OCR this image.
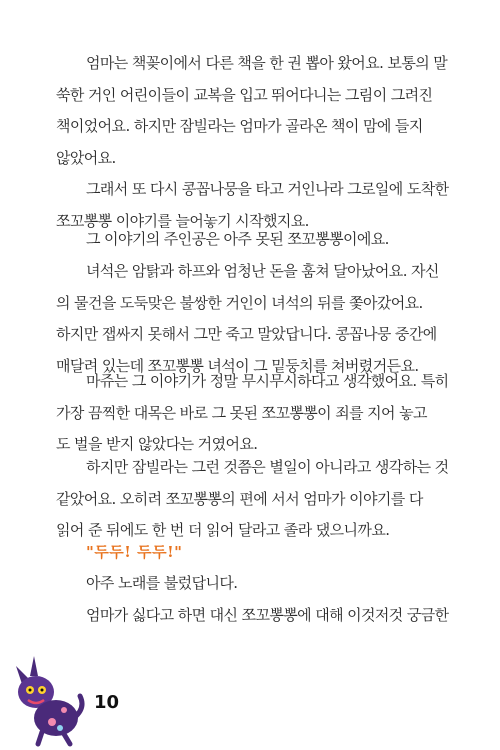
엄마는 책꽂이에서 다른 책을 한 권 뽑아 왔어요. 보통의 말
쑥한 거인 어린이들이 교복을 입고 뛰어다니는 그림이 그려진
책이었어요. 하지만 잠빌라는 엄마가 골라온 책이 맘에 들지
않았어요.

그래서 또 다시 콩꼽나뭉을 타고 거인나라 그로일에 도착한
쪼꼬뽕뽕 이야기를 늘어놓기 시작했지요.

그 이야기의 주인공은 아주 못된 쪼꼬뽕뽕이에요.

녀석은 암탉과 하프와 엄청난 돈을 훔쳐 달아났어요. 자신
의 물건을 도둑맞은 불쌍한 거인이 녀석의 뒤를 쫓아갔어요.
하지만 잽싸지 못해서 그만 죽고 말았답니다. 콩꼽나뭉 중간에
매달려 있는데 쪼꼬뽕뽕 녀석이 그 밑둥치를 쳐버렸거든요.

마쥬는 그 이야기가 정말 무시무시하다고 생각했어요. 특히
가장 끔찍한 대목은 바로 그 못된 쪼꼬뽕뽕이 죄를 지어 놓고
도 벌을 받지 않았다는 거였어요.

하지만 잠빌라는 그런 것쯤은 별일이 아니라고 생각하는 것
같았어요. 오히려 쪼꼬뽕뽕의 편에 서서 엄마가 이야기를 다
읽어 준 뒤에도 한 번 더 읽어 달라고 졸라 댔으니까요.

"두두! 두두!"

아주 노래를 불렀답니다.

엄마가 싫다고 하면 대신 쪼꼬뽕뽕에 대해 이것저것 궁금한

10
